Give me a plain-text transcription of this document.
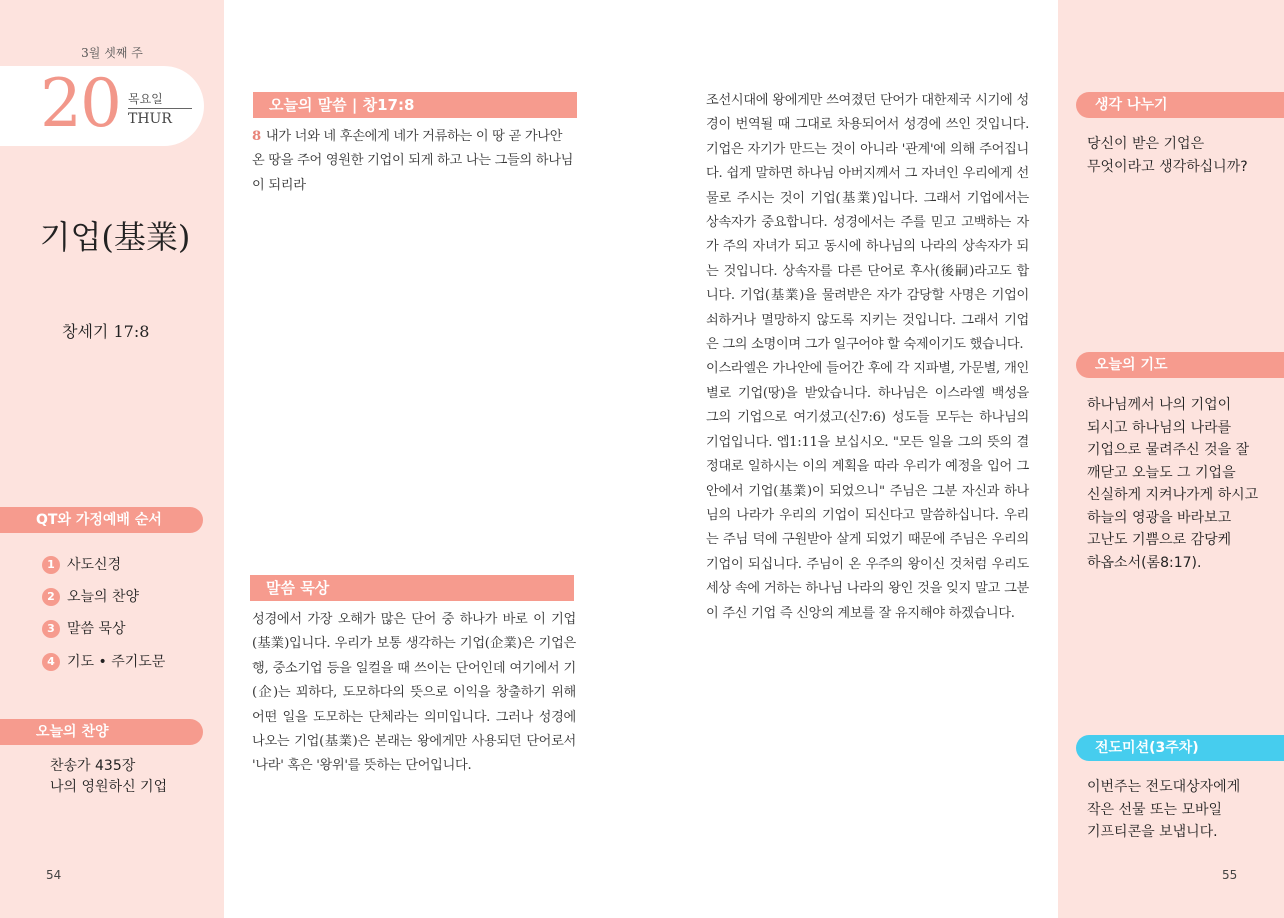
3월 셋째 주
20 목요일
THUR
기업(基業)
창세기 17:8
QT와 가정예배 순서
1 사도신경
2 오늘의 찬양
3 말씀 묵상
4 기도 • 주기도문
오늘의 찬양
찬송가 435장
나의 영원하신 기업
54
오늘의 말씀 | 창17:8
8 내가 너와 네 후손에게 네가 거류하는 이 땅 곧 가나안 온 땅을 주어 영원한 기업이 되게 하고 나는 그들의 하나님이 되리라
말씀 묵상

성경에서 가장 오해가 많은 단어 중 하나가 바로 이 기업(基業)입니다. 우리가 보통 생각하는 기업(企業)은 기업은행, 중소기업 등을 일컬을 때 쓰이는 단어인데 여기에서 기(企)는 꾀하다, 도모하다의 뜻으로 이익을 창출하기 위해 어떤 일을 도모하는 단체라는 의미입니다. 그러나 성경에 나오는 기업(基業)은 본래는 왕에게만 사용되던 단어로서 '나라' 혹은 '왕위'를 뜻하는 단어입니다.

조선시대에 왕에게만 쓰여졌던 단어가 대한제국 시기에 성경이 번역될 때 그대로 차용되어서 성경에 쓰인 것입니다. 기업은 자기가 만드는 것이 아니라 '관계'에 의해 주어집니다. 쉽게 말하면 하나님 아버지께서 그 자녀인 우리에게 선물로 주시는 것이 기업(基業)입니다. 그래서 기업에서는 상속자가 중요합니다. 성경에서는 주를 믿고 고백하는 자가 주의 자녀가 되고 동시에 하나님의 나라의 상속자가 되는 것입니다. 상속자를 다른 단어로 후사(後嗣)라고도 합니다. 기업(基業)을 물려받은 자가 감당할 사명은 기업이 쇠하거나 멸망하지 않도록 지키는 것입니다. 그래서 기업은 그의 소명이며 그가 일구어야 할 숙제이기도 했습니다.

이스라엘은 가나안에 들어간 후에 각 지파별, 가문별, 개인별로 기업(땅)을 받았습니다. 하나님은 이스라엘 백성을 그의 기업으로 여기셨고(신7:6) 성도들 모두는 하나님의 기업입니다. 엡1:11을 보십시오. "모든 일을 그의 뜻의 결정대로 일하시는 이의 계획을 따라 우리가 예정을 입어 그 안에서 기업(基業)이 되었으니" 주님은 그분 자신과 하나님의 나라가 우리의 기업이 되신다고 말씀하십니다. 우리는 주님 덕에 구원받아 살게 되었기 때문에 주님은 우리의 기업이 되십니다. 주님이 온 우주의 왕이신 것처럼 우리도 세상 속에 거하는 하나님 나라의 왕인 것을 잊지 말고 그분이 주신 기업 즉 신앙의 계보를 잘 유지해야 하겠습니다.

생각 나누기
당신이 받은 기업은
무엇이라고 생각하십니까?
오늘의 기도
하나님께서 나의 기업이
되시고 하나님의 나라를
기업으로 물려주신 것을 잘
깨닫고 오늘도 그 기업을
신실하게 지켜나가게 하시고
하늘의 영광을 바라보고
고난도 기쁨으로 감당케
하옵소서(롬8:17).
전도미션(3주차)
이번주는 전도대상자에게
작은 선물 또는 모바일
기프티콘을 보냅니다.
55
